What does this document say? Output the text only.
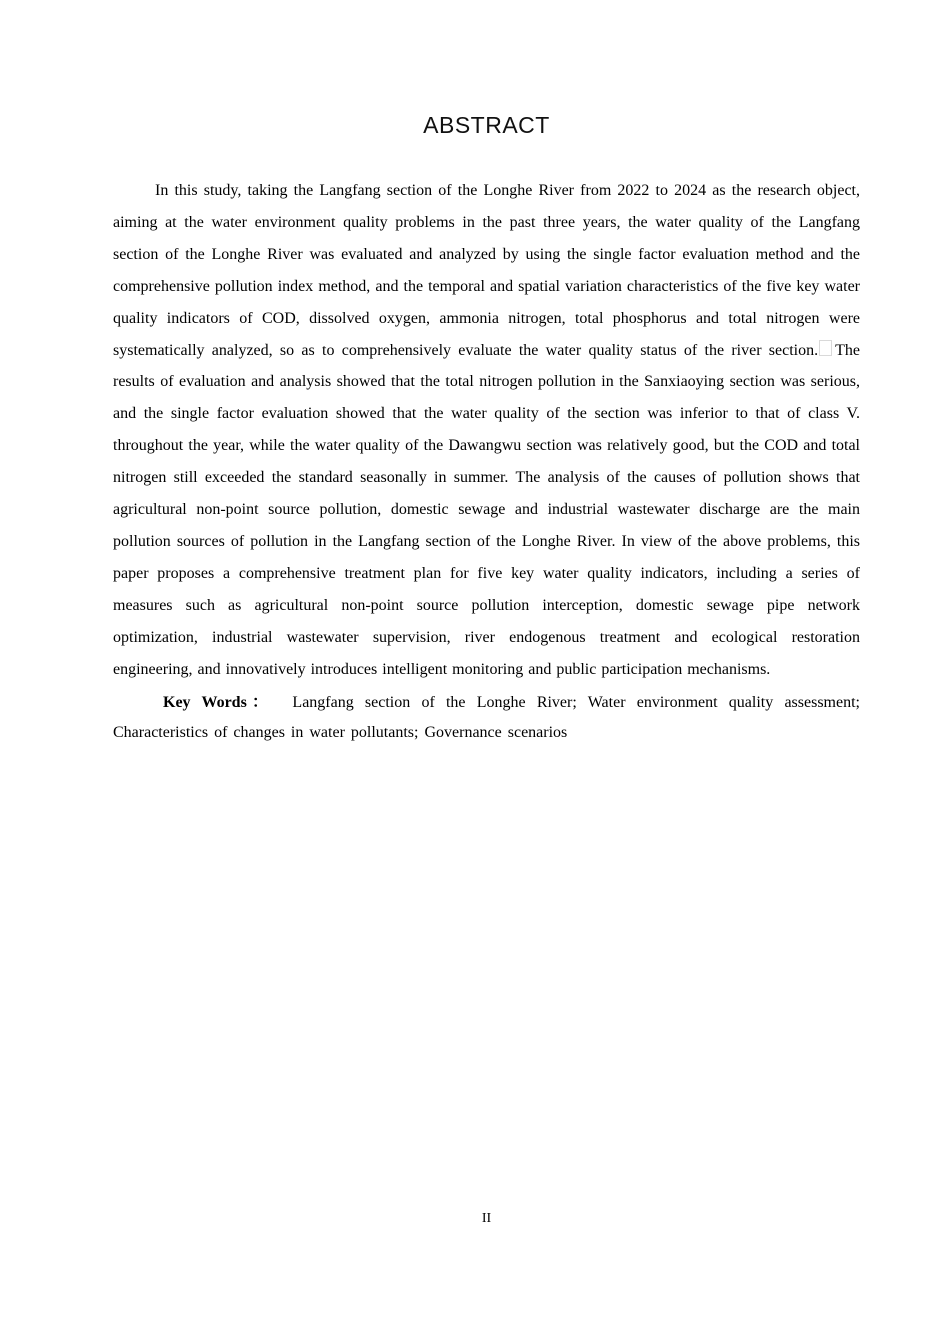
ABSTRACT

In this study, taking the Langfang section of the Longhe River from 2022 to 2024 as the research object, aiming at the water environment quality problems in the past three years, the water quality of the Langfang section of the Longhe River was evaluated and analyzed by using the single factor evaluation method and the comprehensive pollution index method, and the temporal and spatial variation characteristics of the five key water quality indicators of COD, dissolved oxygen, ammonia nitrogen, total phosphorus and total nitrogen were systematically analyzed, so as to comprehensively evaluate the water quality status of the river section. The results of evaluation and analysis showed that the total nitrogen pollution in the Sanxiaoying section was serious, and the single factor evaluation showed that the water quality of the section was inferior to that of class V. throughout the year, while the water quality of the Dawangwu section was relatively good, but the COD and total nitrogen still exceeded the standard seasonally in summer. The analysis of the causes of pollution shows that agricultural non-point source pollution, domestic sewage and industrial wastewater discharge are the main pollution sources of pollution in the Langfang section of the Longhe River. In view of the above problems, this paper proposes a comprehensive treatment plan for five key water quality indicators, including a series of measures such as agricultural non-point source pollution interception, domestic sewage pipe network optimization, industrial wastewater supervision, river endogenous treatment and ecological restoration engineering, and innovatively introduces intelligent monitoring and public participation mechanisms.

Key Words： Langfang section of the Longhe River; Water environment quality assessment; Characteristics of changes in water pollutants; Governance scenarios

II
